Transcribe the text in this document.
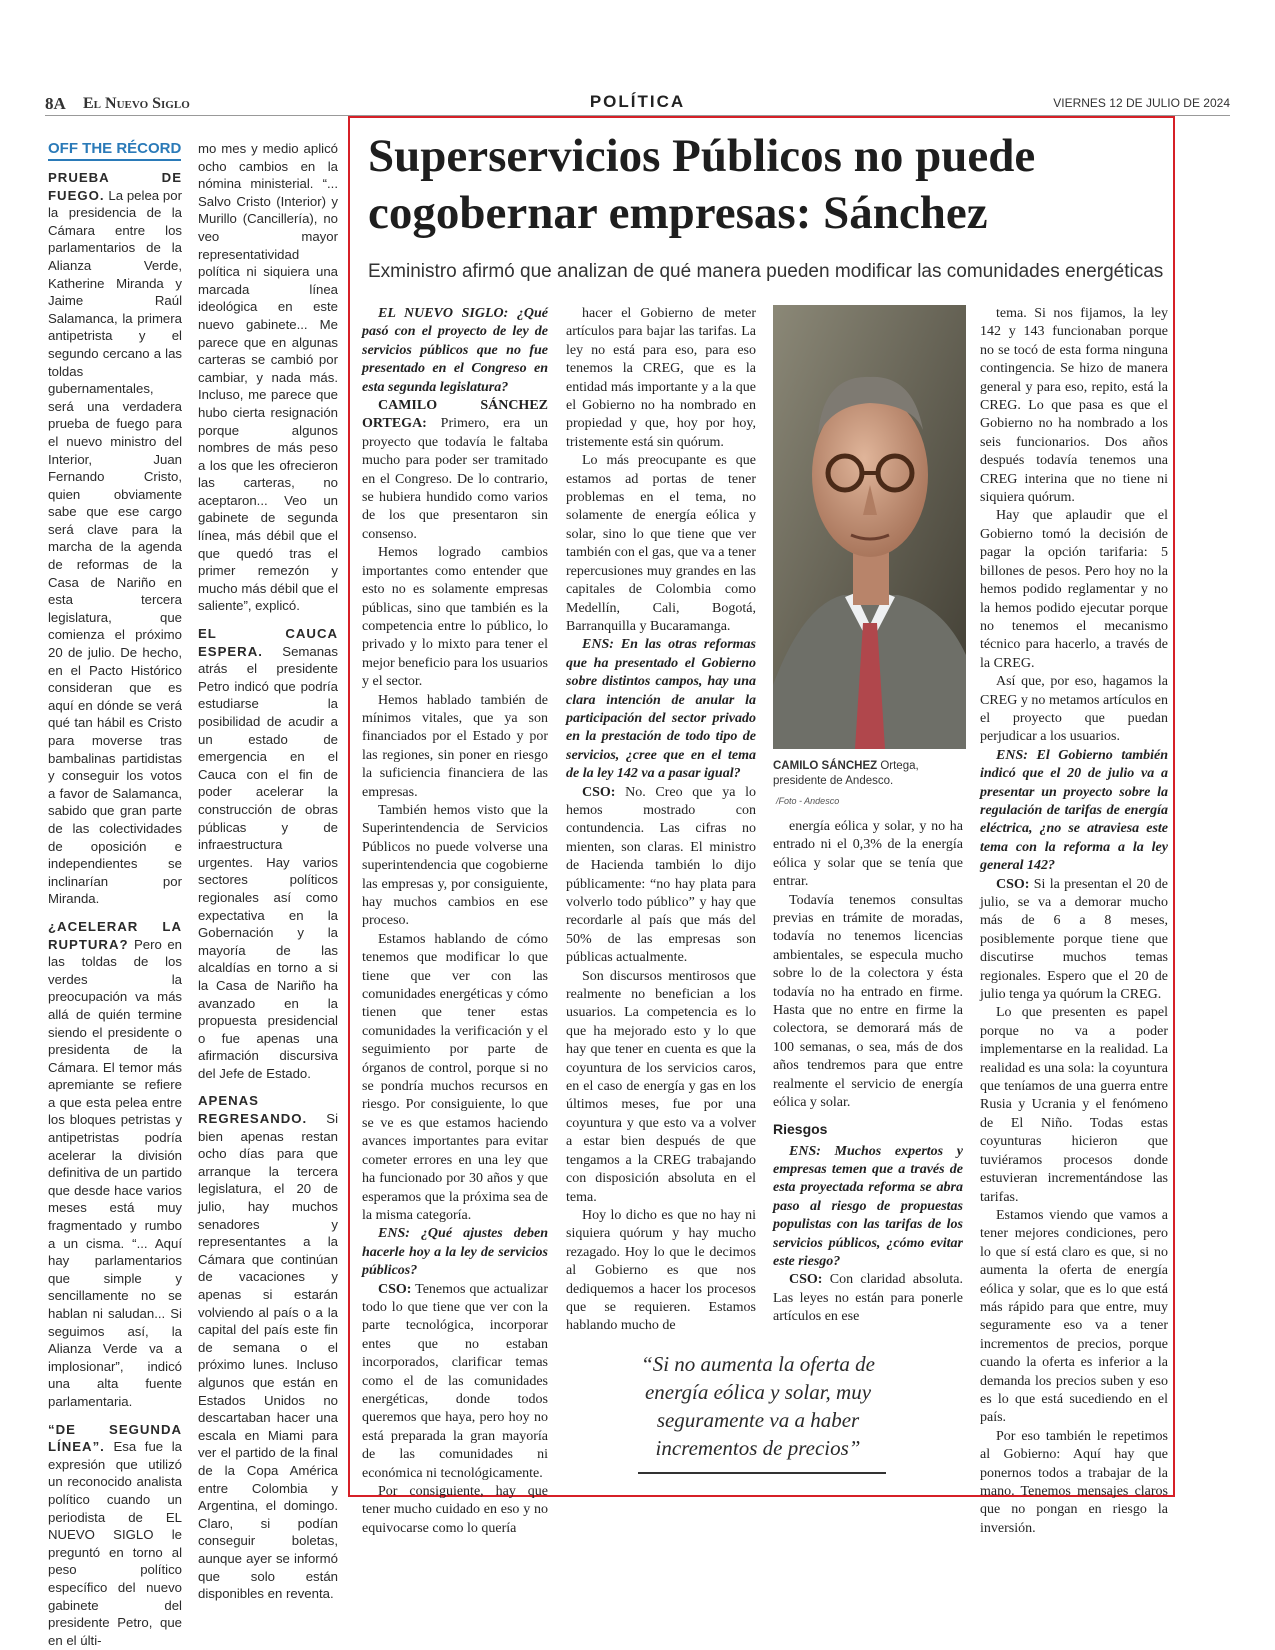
8A El Nuevo Siglo	POLÍTICA	VIERNES 12 DE JULIO DE 2024
OFF THE RÉCORD

PRUEBA DE FUEGO. La pelea por la presidencia de la Cámara entre los parlamentarios de la Alianza Verde, Katherine Miranda y Jaime Raúl Salamanca, la primera antipetrista y el segundo cercano a las toldas gubernamentales, será una verdadera prueba de fuego para el nuevo ministro del Interior, Juan Fernando Cristo, quien obviamente sabe que ese cargo será clave para la marcha de la agenda de reformas de la Casa de Nariño en esta tercera legislatura, que comienza el próximo 20 de julio. De hecho, en el Pacto Histórico consideran que es aquí en dónde se verá qué tan hábil es Cristo para moverse tras bambalinas partidistas y conseguir los votos a favor de Salamanca, sabido que gran parte de las colectividades de oposición e independientes se inclinarían por Miranda.

¿ACELERAR LA RUPTURA? Pero en las toldas de los verdes la preocupación va más allá de quién termine siendo el presidente o presidenta de la Cámara. El temor más apremiante se refiere a que esta pelea entre los bloques petristas y antipetristas podría acelerar la división definitiva de un partido que desde hace varios meses está muy fragmentado y rumbo a un cisma. “... Aquí hay parlamentarios que simple y sencillamente no se hablan ni saludan... Si seguimos así, la Alianza Verde va a implosionar”, indicó una alta fuente parlamentaria.

“DE SEGUNDA LÍNEA”. Esa fue la expresión que utilizó un reconocido analista político cuando un periodista de EL NUEVO SIGLO le preguntó en torno al peso político específico del nuevo gabinete del presidente Petro, que en el últi-

mo mes y medio aplicó ocho cambios en la nómina ministerial. “... Salvo Cristo (Interior) y Murillo (Cancillería), no veo mayor representatividad política ni siquiera una marcada línea ideológica en este nuevo gabinete... Me parece que en algunas carteras se cambió por cambiar, y nada más. Incluso, me parece que hubo cierta resignación porque algunos nombres de más peso a los que les ofrecieron las carteras, no aceptaron... Veo un gabinete de segunda línea, más débil que el que quedó tras el primer remezón y mucho más débil que el saliente”, explicó.

EL CAUCA ESPERA. Semanas atrás el presidente Petro indicó que podría estudiarse la posibilidad de acudir a un estado de emergencia en el Cauca con el fin de poder acelerar la construcción de obras públicas y de infraestructura urgentes. Hay varios sectores políticos regionales así como expectativa en la Gobernación y la mayoría de las alcaldías en torno a si la Casa de Nariño ha avanzado en la propuesta presidencial o fue apenas una afirmación discursiva del Jefe de Estado.

APENAS REGRESANDO. Si bien apenas restan ocho días para que arranque la tercera legislatura, el 20 de julio, hay muchos senadores y representantes a la Cámara que continúan de vacaciones y apenas si estarán volviendo al país o a la capital del país este fin de semana o el próximo lunes. Incluso algunos que están en Estados Unidos no descartaban hacer una escala en Miami para ver el partido de la final de la Copa América entre Colombia y Argentina, el domingo. Claro, si podían conseguir boletas, aunque ayer se informó que solo están disponibles en reventa.

Superservicios Públicos no puede cogobernar empresas: Sánchez
Exministro afirmó que analizan de qué manera pueden modificar las comunidades energéticas

EL NUEVO SIGLO: ¿Qué pasó con el proyecto de ley de servicios públicos que no fue presentado en el Congreso en esta segunda legislatura?

CAMILO SÁNCHEZ ORTEGA: Primero, era un proyecto que todavía le faltaba mucho para poder ser tramitado en el Congreso. De lo contrario, se hubiera hundido como varios de los que presentaron sin consenso.

Hemos logrado cambios importantes como entender que esto no es solamente empresas públicas, sino que también es la competencia entre lo público, lo privado y lo mixto para tener el mejor beneficio para los usuarios y el sector.

Hemos hablado también de mínimos vitales, que ya son financiados por el Estado y por las regiones, sin poner en riesgo la suficiencia financiera de las empresas.

También hemos visto que la Superintendencia de Servicios Públicos no puede volverse una superintendencia que cogobierne las empresas y, por consiguiente, hay muchos cambios en ese proceso.

Estamos hablando de cómo tenemos que modificar lo que tiene que ver con las comunidades energéticas y cómo tienen que tener estas comunidades la verificación y el seguimiento por parte de órganos de control, porque si no se pondría muchos recursos en riesgo. Por consiguiente, lo que se ve es que estamos haciendo avances importantes para evitar cometer errores en una ley que ha funcionado por 30 años y que esperamos que la próxima sea de la misma categoría.

ENS: ¿Qué ajustes deben hacerle hoy a la ley de servicios públicos?

CSO: Tenemos que actualizar todo lo que tiene que ver con la parte tecnológica, incorporar entes que no estaban incorporados, clarificar temas como el de las comunidades energéticas, donde todos queremos que haya, pero hoy no está preparada la gran mayoría de las comunidades ni económica ni tecnológicamente.

Por consiguiente, hay que tener mucho cuidado en eso y no equivocarse como lo quería

hacer el Gobierno de meter artículos para bajar las tarifas. La ley no está para eso, para eso tenemos la CREG, que es la entidad más importante y a la que el Gobierno no ha nombrado en propiedad y que, hoy por hoy, tristemente está sin quórum.

Lo más preocupante es que estamos ad portas de tener problemas en el tema, no solamente de energía eólica y solar, sino lo que tiene que ver también con el gas, que va a tener repercusiones muy grandes en las capitales de Colombia como Medellín, Cali, Bogotá, Barranquilla y Bucaramanga.

ENS: En las otras reformas que ha presentado el Gobierno sobre distintos campos, hay una clara intención de anular la participación del sector privado en la prestación de todo tipo de servicios, ¿cree que en el tema de la ley 142 va a pasar igual?

CSO: No. Creo que ya lo hemos mostrado con contundencia. Las cifras no mienten, son claras. El ministro de Hacienda también lo dijo públicamente: “no hay plata para volverlo todo público” y hay que recordarle al país que más del 50% de las empresas son públicas actualmente.

Son discursos mentirosos que realmente no benefician a los usuarios. La competencia es lo que ha mejorado esto y lo que hay que tener en cuenta es que la coyuntura de los servicios caros, en el caso de energía y gas en los últimos meses, fue por una coyuntura y que esto va a volver a estar bien después de que tengamos a la CREG trabajando con disposición absoluta en el tema.

Hoy lo dicho es que no hay ni siquiera quórum y hay mucho rezagado. Hoy lo que le decimos al Gobierno es que nos dediquemos a hacer los procesos que se requieren. Estamos hablando mucho de

CAMILO SÁNCHEZ Ortega, presidente de Andesco.
/Foto - Andesco

energía eólica y solar, y no ha entrado ni el 0,3% de la energía eólica y solar que se tenía que entrar.

Todavía tenemos consultas previas en trámite de moradas, todavía no tenemos licencias ambientales, se especula mucho sobre lo de la colectora y ésta todavía no ha entrado en firme. Hasta que no entre en firme la colectora, se demorará más de 100 semanas, o sea, más de dos años tendremos para que entre realmente el servicio de energía eólica y solar.

Riesgos

ENS: Muchos expertos y empresas temen que a través de esta proyectada reforma se abra paso al riesgo de propuestas populistas con las tarifas de los servicios públicos, ¿cómo evitar este riesgo?

CSO: Con claridad absoluta. Las leyes no están para ponerle artículos en ese

tema. Si nos fijamos, la ley 142 y 143 funcionaban porque no se tocó de esta forma ninguna contingencia. Se hizo de manera general y para eso, repito, está la CREG. Lo que pasa es que el Gobierno no ha nombrado a los seis funcionarios. Dos años después todavía tenemos una CREG interina que no tiene ni siquiera quórum.

Hay que aplaudir que el Gobierno tomó la decisión de pagar la opción tarifaria: 5 billones de pesos. Pero hoy no la hemos podido reglamentar y no la hemos podido ejecutar porque no tenemos el mecanismo técnico para hacerlo, a través de la CREG.

Así que, por eso, hagamos la CREG y no metamos artículos en el proyecto que puedan perjudicar a los usuarios.

ENS: El Gobierno también indicó que el 20 de julio va a presentar un proyecto sobre la regulación de tarifas de energía eléctrica, ¿no se atraviesa este tema con la reforma a la ley general 142?

CSO: Si la presentan el 20 de julio, se va a demorar mucho más de 6 a 8 meses, posiblemente porque tiene que discutirse muchos temas regionales. Espero que el 20 de julio tenga ya quórum la CREG.

Lo que presenten es papel porque no va a poder implementarse en la realidad. La realidad es una sola: la coyuntura que teníamos de una guerra entre Rusia y Ucrania y el fenómeno de El Niño. Todas estas coyunturas hicieron que tuviéramos procesos donde estuvieran incrementándose las tarifas.

Estamos viendo que vamos a tener mejores condiciones, pero lo que sí está claro es que, si no aumenta la oferta de energía eólica y solar, que es lo que está más rápido para que entre, muy seguramente eso va a tener incrementos de precios, porque cuando la oferta es inferior a la demanda los precios suben y eso es lo que está sucediendo en el país.

Por eso también le repetimos al Gobierno: Aquí hay que ponernos todos a trabajar de la mano. Tenemos mensajes claros que no pongan en riesgo la inversión.

“Si no aumenta la oferta de energía eólica y solar, muy seguramente va a haber incrementos de precios”
